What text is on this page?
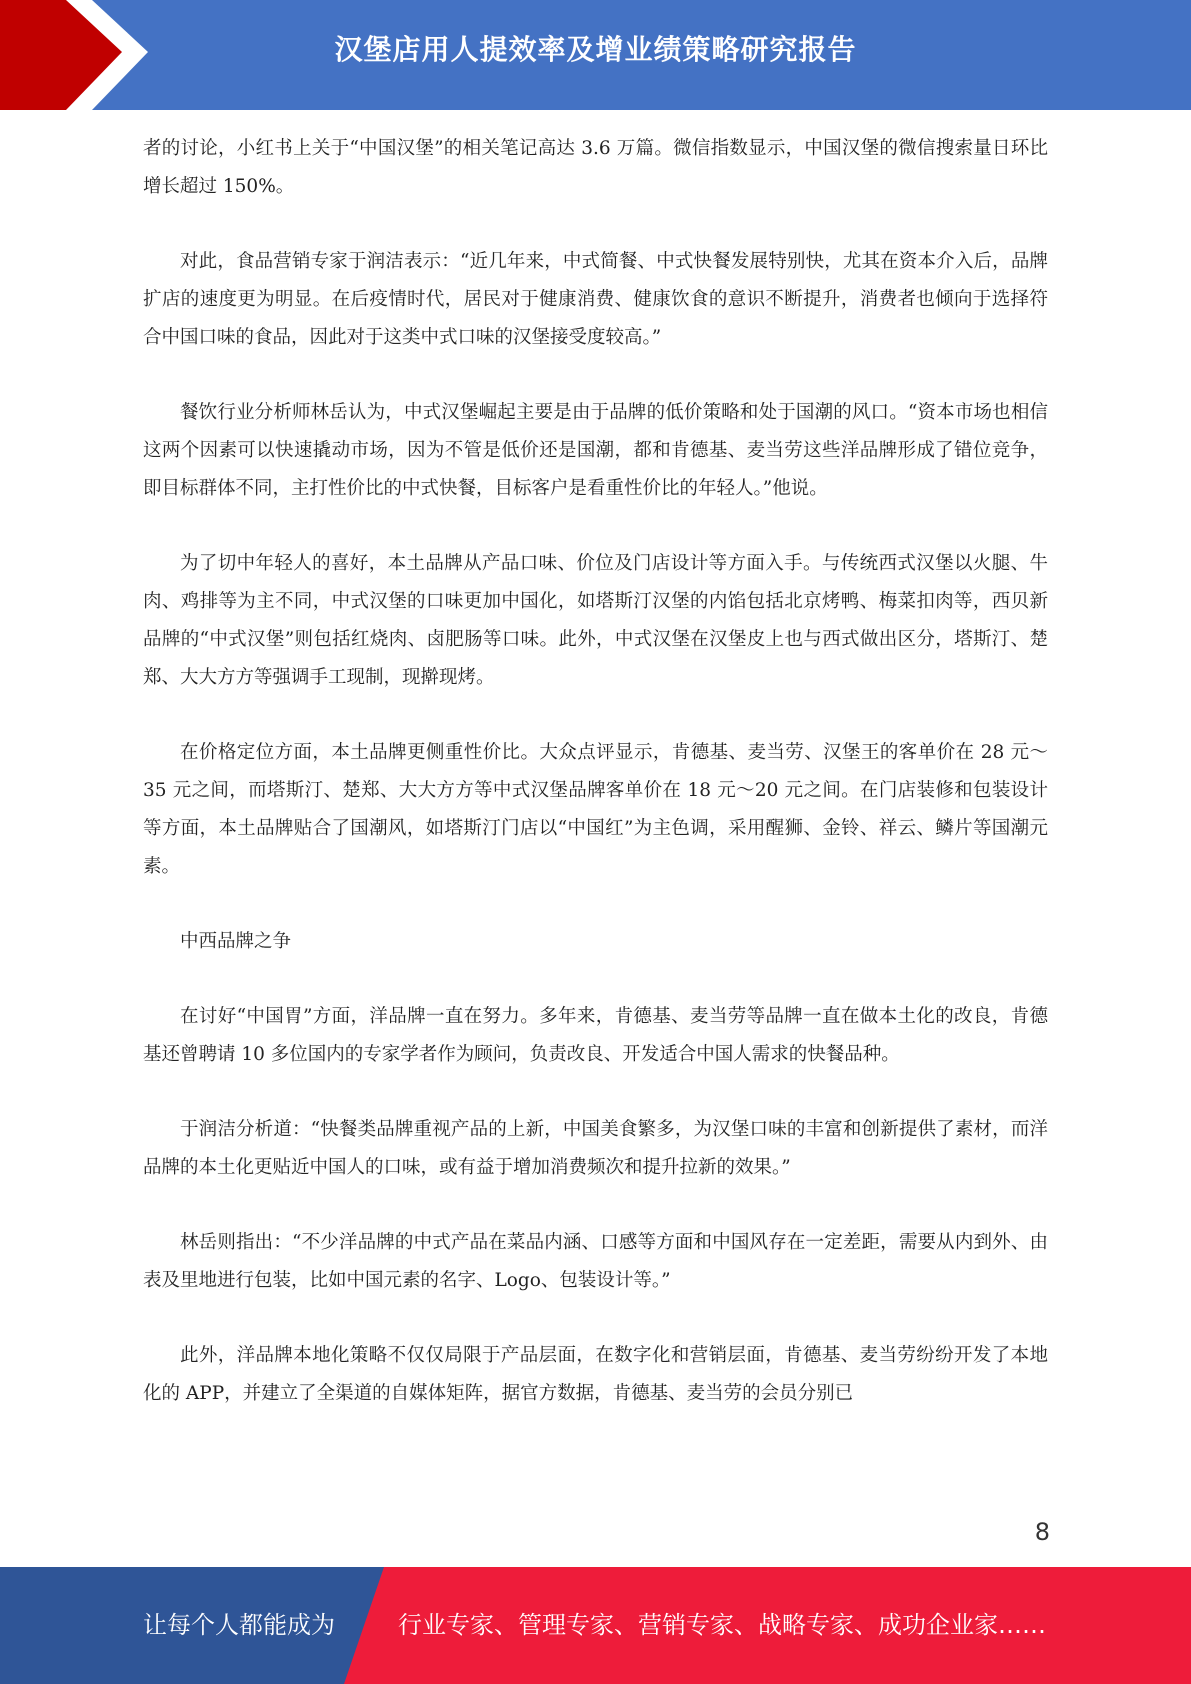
汉堡店用人提效率及增业绩策略研究报告

者的讨论，小红书上关于“中国汉堡”的相关笔记高达 3.6 万篇。微信指数显示，中国汉堡的微信搜索量日环比增长超过 150%。

对此，食品营销专家于润洁表示：“近几年来，中式简餐、中式快餐发展特别快，尤其在资本介入后，品牌扩店的速度更为明显。在后疫情时代，居民对于健康消费、健康饮食的意识不断提升，消费者也倾向于选择符合中国口味的食品，因此对于这类中式口味的汉堡接受度较高。”

餐饮行业分析师林岳认为，中式汉堡崛起主要是由于品牌的低价策略和处于国潮的风口。“资本市场也相信这两个因素可以快速撬动市场，因为不管是低价还是国潮，都和肯德基、麦当劳这些洋品牌形成了错位竞争，即目标群体不同，主打性价比的中式快餐，目标客户是看重性价比的年轻人。”他说。

为了切中年轻人的喜好，本土品牌从产品口味、价位及门店设计等方面入手。与传统西式汉堡以火腿、牛肉、鸡排等为主不同，中式汉堡的口味更加中国化，如塔斯汀汉堡的内馅包括北京烤鸭、梅菜扣肉等，西贝新品牌的“中式汉堡”则包括红烧肉、卤肥肠等口味。此外，中式汉堡在汉堡皮上也与西式做出区分，塔斯汀、楚郑、大大方方等强调手工现制，现擀现烤。

在价格定位方面，本土品牌更侧重性价比。大众点评显示，肯德基、麦当劳、汉堡王的客单价在 28 元～35 元之间，而塔斯汀、楚郑、大大方方等中式汉堡品牌客单价在 18 元～20 元之间。在门店装修和包装设计等方面，本土品牌贴合了国潮风，如塔斯汀门店以“中国红”为主色调，采用醒狮、金铃、祥云、鳞片等国潮元素。

中西品牌之争

在讨好“中国胃”方面，洋品牌一直在努力。多年来，肯德基、麦当劳等品牌一直在做本土化的改良，肯德基还曾聘请 10 多位国内的专家学者作为顾问，负责改良、开发适合中国人需求的快餐品种。

于润洁分析道：“快餐类品牌重视产品的上新，中国美食繁多，为汉堡口味的丰富和创新提供了素材，而洋品牌的本土化更贴近中国人的口味，或有益于增加消费频次和提升拉新的效果。”

林岳则指出：“不少洋品牌的中式产品在菜品内涵、口感等方面和中国风存在一定差距，需要从内到外、由表及里地进行包装，比如中国元素的名字、Logo、包装设计等。”

此外，洋品牌本地化策略不仅仅局限于产品层面，在数字化和营销层面，肯德基、麦当劳纷纷开发了本地化的 APP，并建立了全渠道的自媒体矩阵，据官方数据，肯德基、麦当劳的会员分别已

8
让每个人都能成为	行业专家、管理专家、营销专家、战略专家、成功企业家……
